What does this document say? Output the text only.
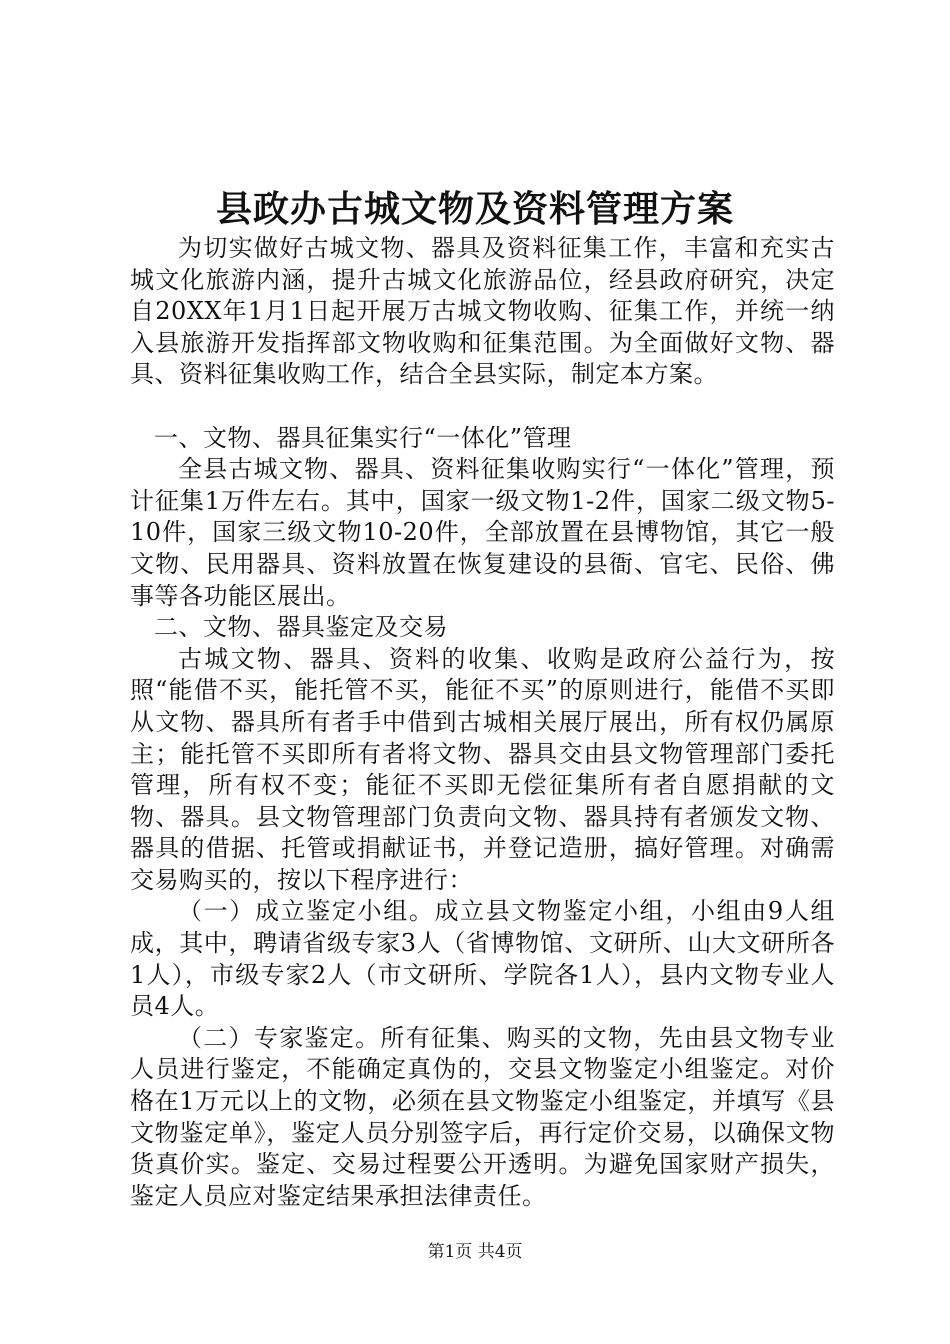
县政办古城文物及资料管理方案

为切实做好古城文物、器具及资料征集工作，丰富和充实古城文化旅游内涵，提升古城文化旅游品位，经县政府研究，决定自20XX年1月1日起开展万古城文物收购、征集工作，并统一纳入县旅游开发指挥部文物收购和征集范围。为全面做好文物、器具、资料征集收购工作，结合全县实际，制定本方案。

一、文物、器具征集实行“一体化”管理

全县古城文物、器具、资料征集收购实行“一体化”管理，预计征集1万件左右。其中，国家一级文物1-2件，国家二级文物5-10件，国家三级文物10-20件，全部放置在县博物馆，其它一般文物、民用器具、资料放置在恢复建设的县衙、官宅、民俗、佛事等各功能区展出。

二、文物、器具鉴定及交易

古城文物、器具、资料的收集、收购是政府公益行为，按照“能借不买，能托管不买，能征不买”的原则进行，能借不买即从文物、器具所有者手中借到古城相关展厅展出，所有权仍属原主；能托管不买即所有者将文物、器具交由县文物管理部门委托管理，所有权不变；能征不买即无偿征集所有者自愿捐献的文物、器具。县文物管理部门负责向文物、器具持有者颁发文物、器具的借据、托管或捐献证书，并登记造册，搞好管理。对确需交易购买的，按以下程序进行：

（一）成立鉴定小组。成立县文物鉴定小组，小组由9人组成，其中，聘请省级专家3人（省博物馆、文研所、山大文研所各1人），市级专家2人（市文研所、学院各1人），县内文物专业人员4人。

（二）专家鉴定。所有征集、购买的文物，先由县文物专业人员进行鉴定，不能确定真伪的，交县文物鉴定小组鉴定。对价格在1万元以上的文物，必须在县文物鉴定小组鉴定，并填写《县文物鉴定单》，鉴定人员分别签字后，再行定价交易，以确保文物货真价实。鉴定、交易过程要公开透明。为避免国家财产损失，鉴定人员应对鉴定结果承担法律责任。

第1页 共4页
